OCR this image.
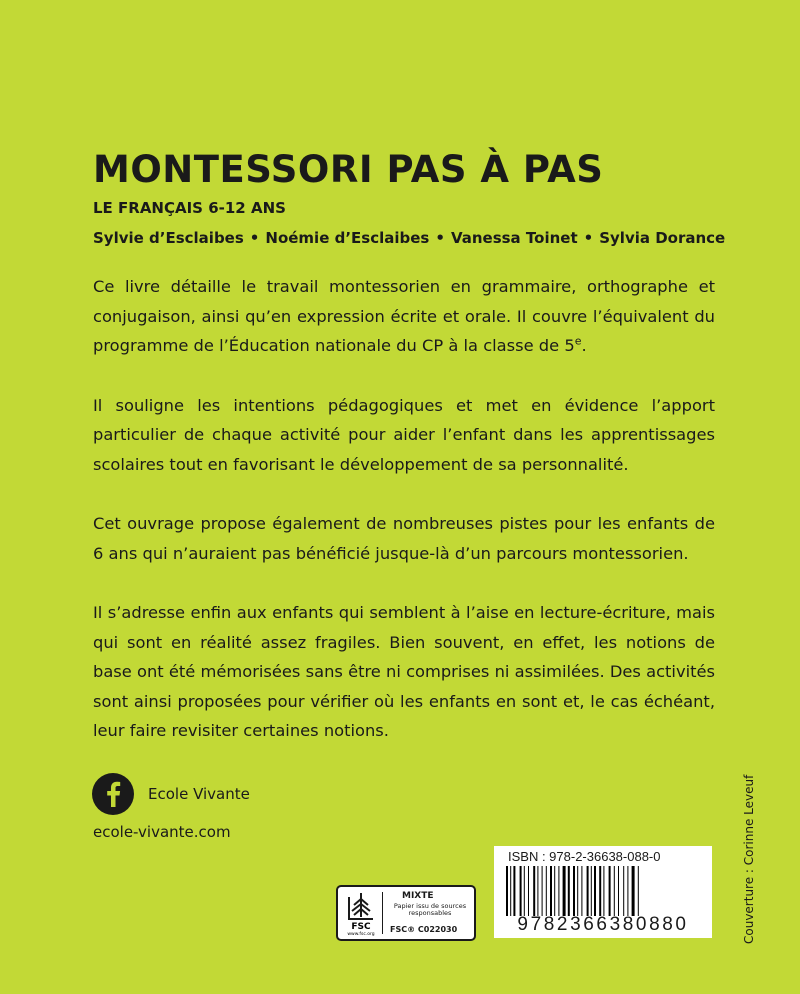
MONTESSORI PAS À PAS
LE FRANÇAIS 6-12 ANS
Sylvie d’Esclaibes • Noémie d’Esclaibes • Vanessa Toinet • Sylvia Dorance

Ce livre détaille le travail montessorien en grammaire, orthographe et conjugaison, ainsi qu’en expression écrite et orale. Il couvre l’équivalent du programme de l’Éducation nationale du CP à la classe de 5e.

Il souligne les intentions pédagogiques et met en évidence l’apport particulier de chaque activité pour aider l’enfant dans les apprentissages scolaires tout en favorisant le développement de sa personnalité.

Cet ouvrage propose également de nombreuses pistes pour les enfants de 6 ans qui n’auraient pas bénéficié jusque-là d’un parcours montessorien.

Il s’adresse enfin aux enfants qui semblent à l’aise en lecture-écriture, mais qui sont en réalité assez fragiles. Bien souvent, en effet, les notions de base ont été mémorisées sans être ni comprises ni assimilées. Des activités sont ainsi proposées pour vérifier où les enfants en sont et, le cas échéant, leur faire revisiter certaines notions.

Ecole Vivante
ecole-vivante.com
FSC
www.fsc.org
MIXTE
Papier issu de sources responsables
FSC® C022030
ISBN : 978-2-36638-088-0
9782366380880	Couverture : Corinne Leveuf
